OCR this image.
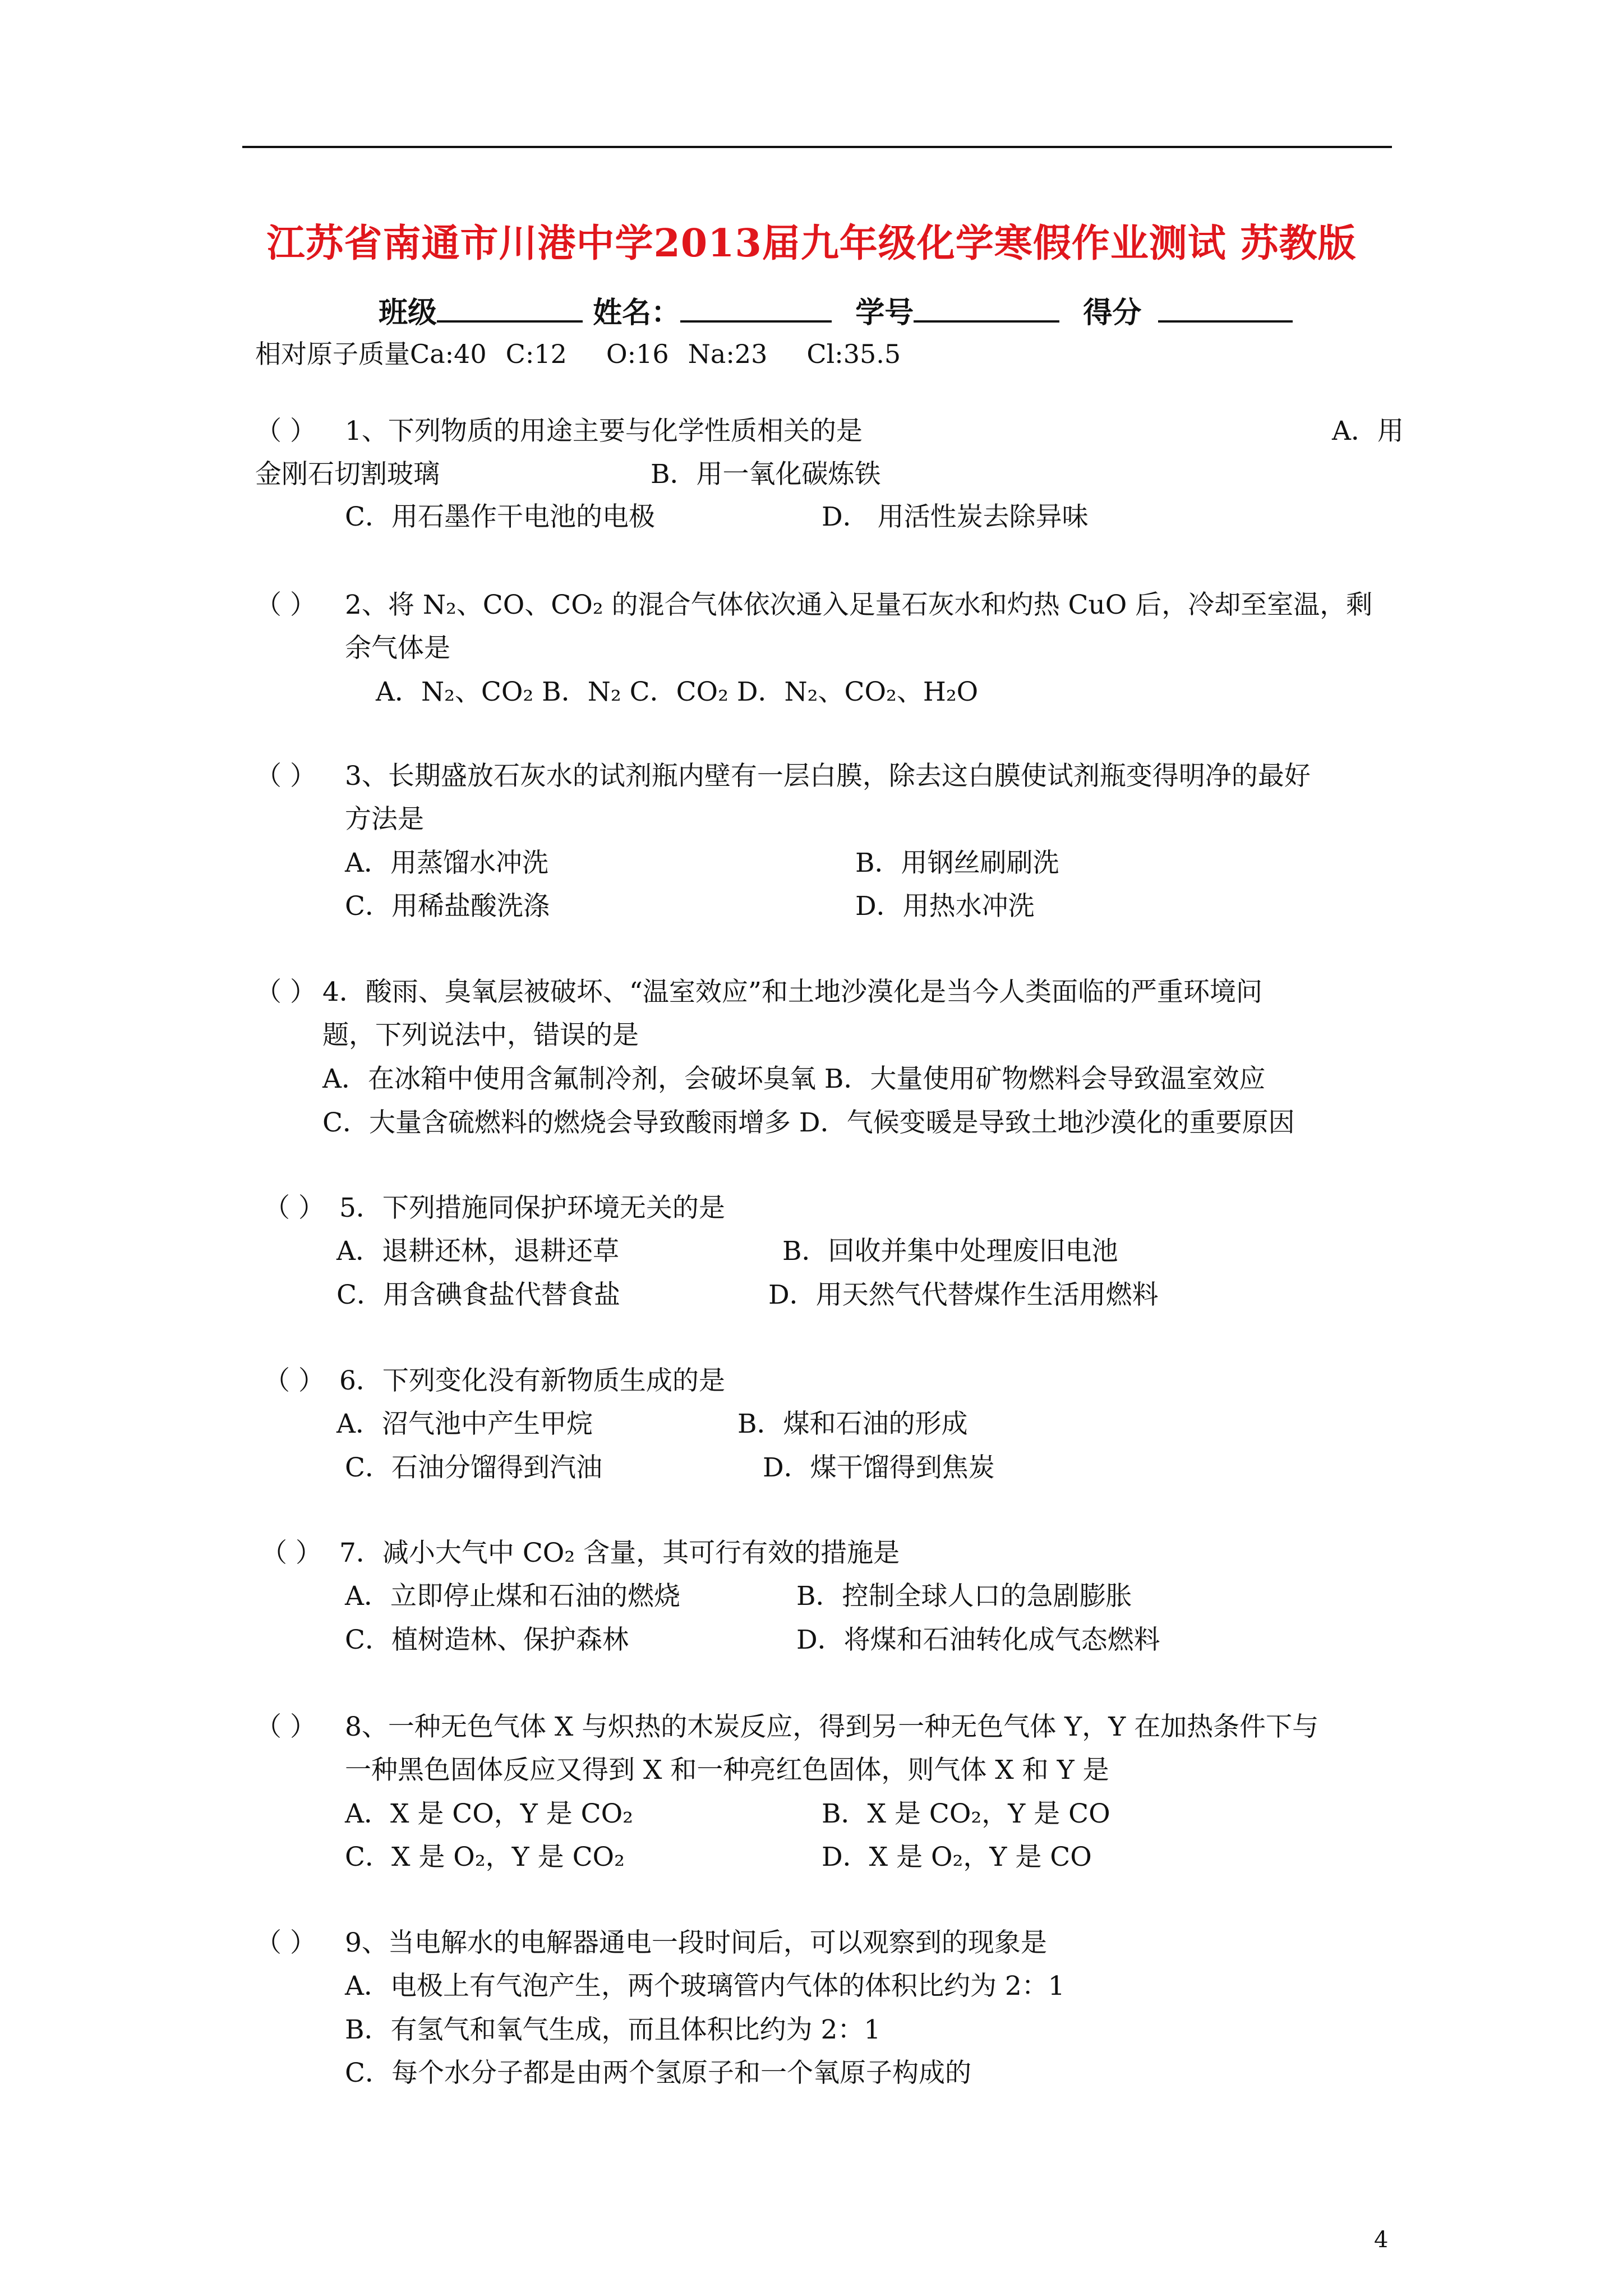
江苏省南通市川港中学2013届九年级化学寒假作业测试 苏教版
班级	姓名：	学号	得分
相对原子质量Ca:40 C:12 O:16 Na:23 Cl:35.5
（ ） 1、下列物质的用途主要与化学性质相关的是	A．用
金刚石切割玻璃	B．用一氧化碳炼铁
C．用石墨作干电池的电极	D． 用活性炭去除异味
（ ） 2、将 N₂、CO、CO₂ 的混合气体依次通入足量石灰水和灼热 CuO 后，冷却至室温，剩
余气体是
A．N₂、CO₂ B．N₂ C．CO₂ D．N₂、CO₂、H₂O
（ ） 3、长期盛放石灰水的试剂瓶内壁有一层白膜，除去这白膜使试剂瓶变得明净的最好
方法是
A．用蒸馏水冲洗	B．用钢丝刷刷洗
C．用稀盐酸洗涤	D．用热水冲洗
（ ） 4．酸雨、臭氧层被破坏、“温室效应”和土地沙漠化是当今人类面临的严重环境问
题，下列说法中，错误的是
A．在冰箱中使用含氟制冷剂，会破坏臭氧 B．大量使用矿物燃料会导致温室效应
C．大量含硫燃料的燃烧会导致酸雨增多 D．气候变暖是导致土地沙漠化的重要原因
（ ） 5．下列措施同保护环境无关的是
A．退耕还林，退耕还草	B．回收并集中处理废旧电池
C．用含碘食盐代替食盐	D．用天然气代替煤作生活用燃料
（ ） 6．下列变化没有新物质生成的是
A．沼气池中产生甲烷	B．煤和石油的形成
C．石油分馏得到汽油	D．煤干馏得到焦炭
（ ） 7．减小大气中 CO₂ 含量，其可行有效的措施是
A．立即停止煤和石油的燃烧	B．控制全球人口的急剧膨胀
C．植树造林、保护森林	D．将煤和石油转化成气态燃料
（ ） 8、一种无色气体 X 与炽热的木炭反应，得到另一种无色气体 Y，Y 在加热条件下与
一种黑色固体反应又得到 X 和一种亮红色固体，则气体 X 和 Y 是
A．X 是 CO，Y 是 CO₂	B．X 是 CO₂，Y 是 CO
C．X 是 O₂，Y 是 CO₂	D．X 是 O₂，Y 是 CO
（ ） 9、当电解水的电解器通电一段时间后，可以观察到的现象是
A．电极上有气泡产生，两个玻璃管内气体的体积比约为 2：1
B．有氢气和氧气生成，而且体积比约为 2：1
C．每个水分子都是由两个氢原子和一个氧原子构成的
4
